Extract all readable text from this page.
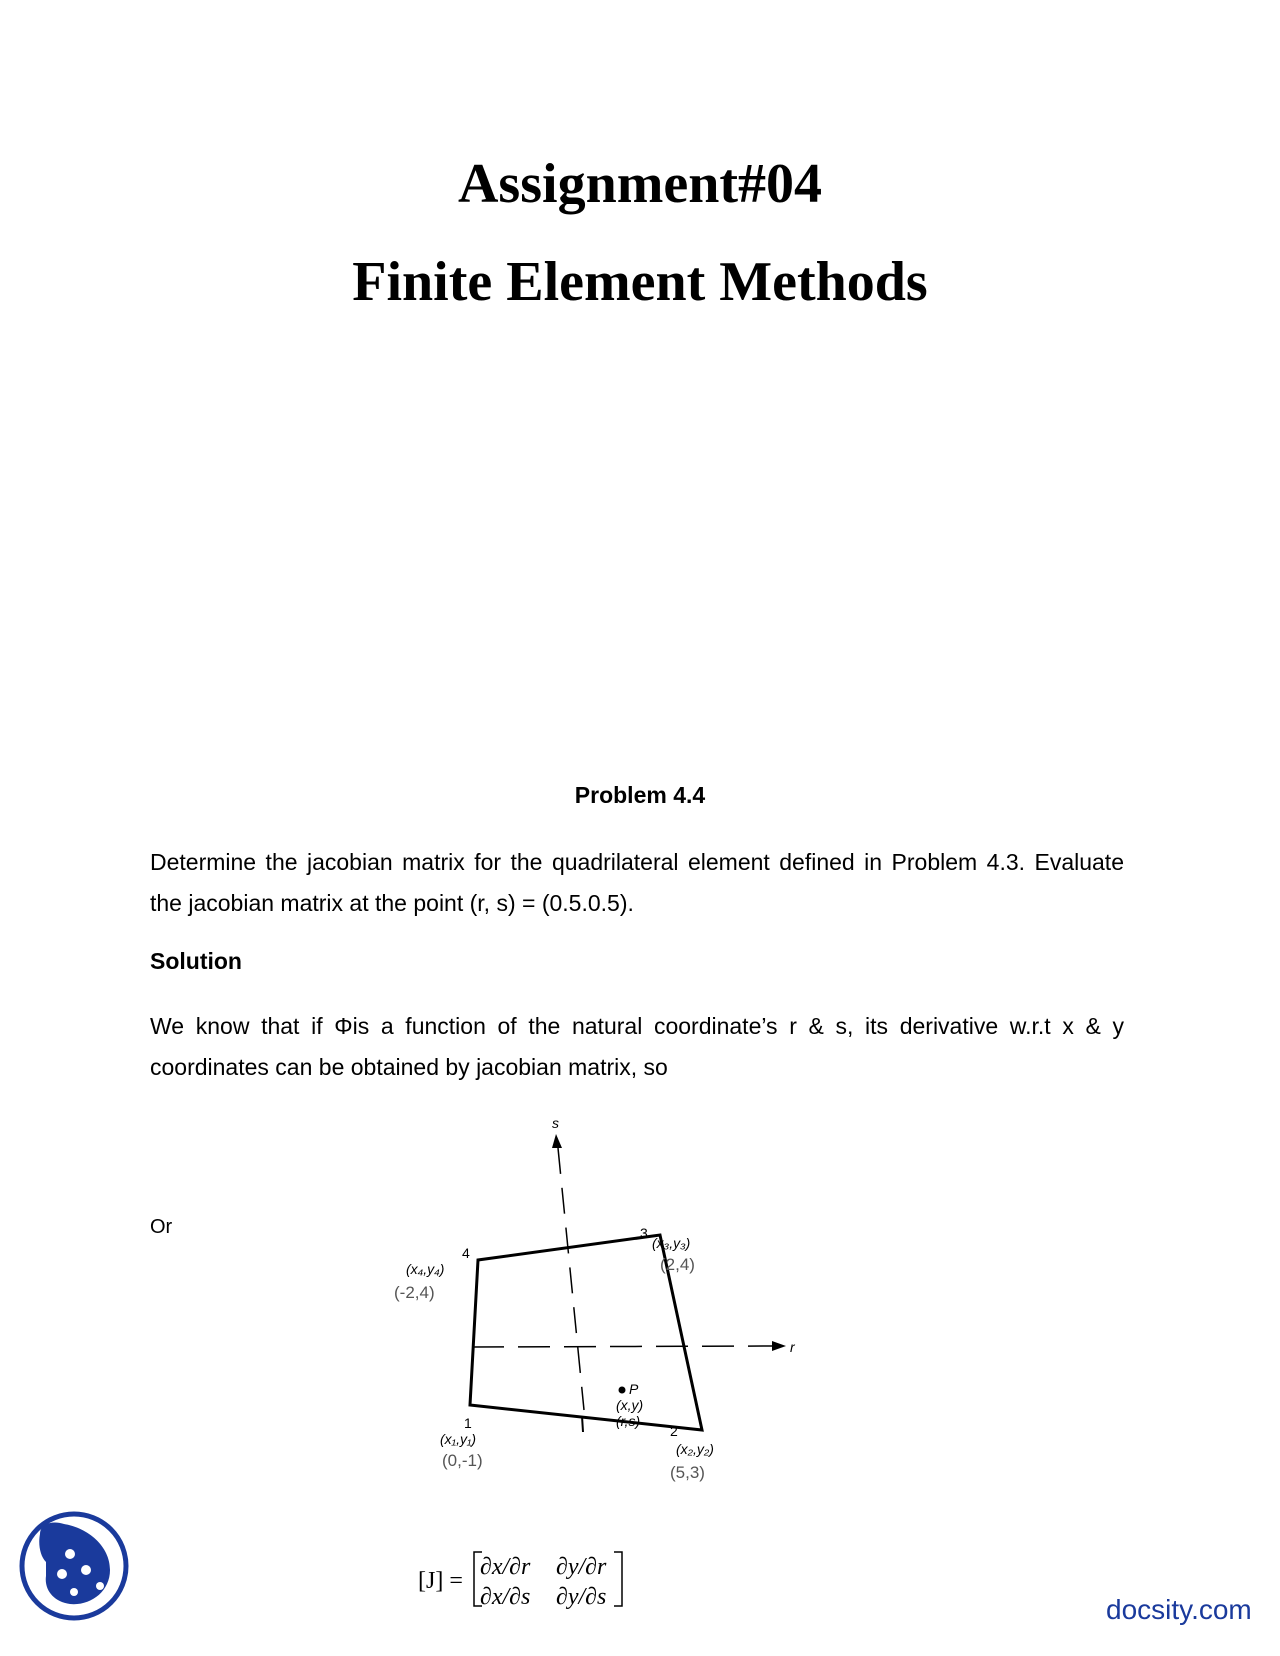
Assignment#04
Finite Element Methods
Problem 4.4

Determine the jacobian matrix for the quadrilateral element defined in Problem 4.3. Evaluate the jacobian matrix at the point (r, s) = (0.5.0.5).

Solution

We know that if Φis a function of the natural coordinate’s r & s, its derivative w.r.t x & y coordinates can be obtained by jacobian matrix, so

Or

s
r
1
(x₁,y₁)
(0,-1)
2
(x₂,y₂)
(5,3)
3
(x₃,y₃)
(2,4)
4
(x₄,y₄)
(-2,4)
P
(x,y)
(r,s)
[J] =
∂x/∂r ∂y/∂r
∂x/∂s ∂y/∂s	docsity.com
